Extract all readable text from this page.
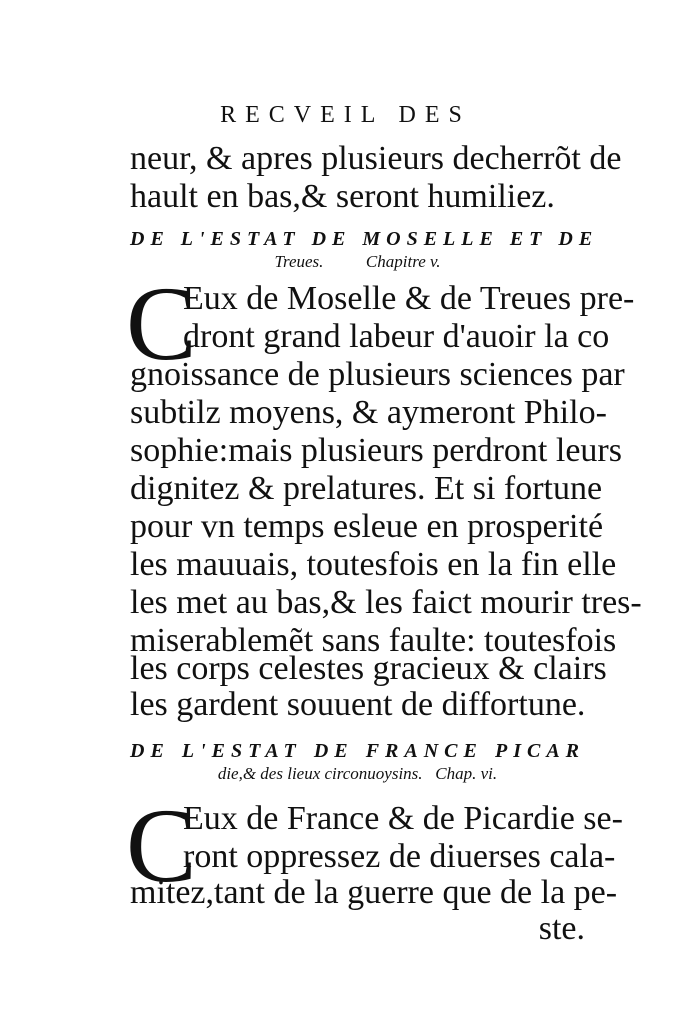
RECVEIL DES
neur, & apres plusieurs decherrõt de
hault en bas,& seront humiliez.
DE L'ESTAT DE MOSELLE ET DE
Treues.          Chapitre v.
C
Eux de Moselle & de Treues pre-
dront grand labeur d'auoir la co
gnoissance de plusieurs sciences par
subtilz moyens, & aymeront Philo-
sophie:mais plusieurs perdront leurs
dignitez & prelatures. Et si fortune
pour vn temps esleue en prosperité
les mauuais, toutesfois en la fin elle
les met au bas,& les faict mourir tres-
miserablemẽt sans faulte: toutesfois
les corps celestes gracieux & clairs
les gardent souuent de diffortune.
DE L'ESTAT DE FRANCE PICAR
die,& des lieux circonuoysins.   Chap. vi.
C
Eux de France & de Picardie se-
ront oppressez de diuerses cala-
mitez,tant de la guerre que de la pe-
ste.
